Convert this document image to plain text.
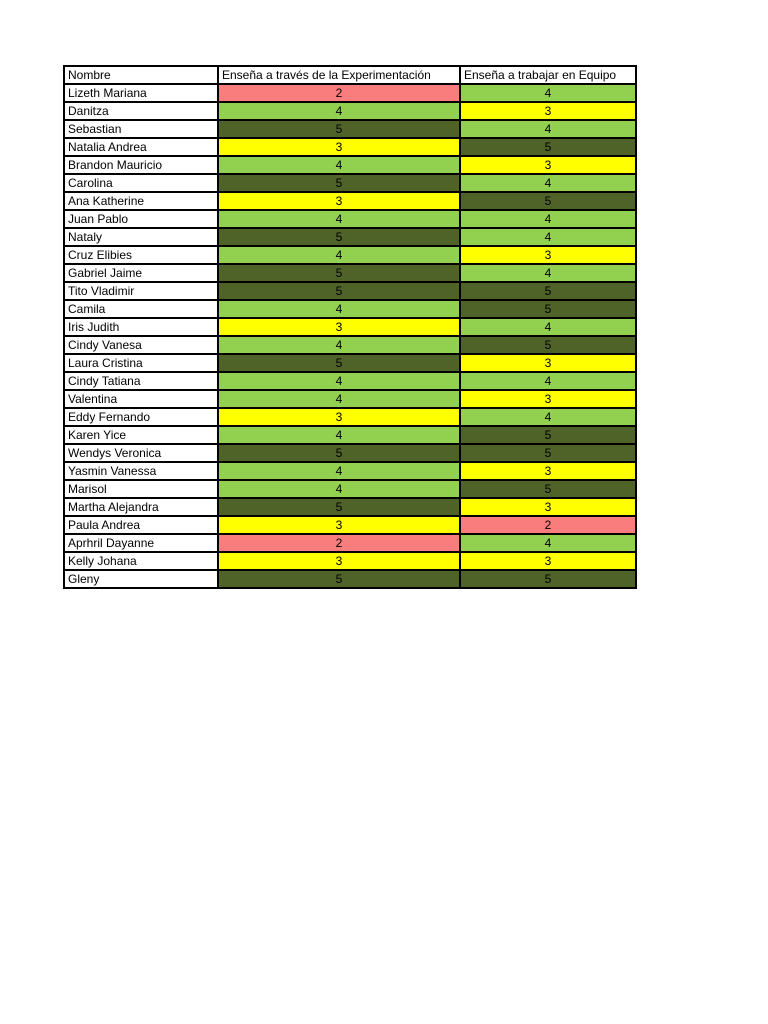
Nombre	Enseña a través de la Experimentación	Enseña a trabajar en Equipo
Lizeth Mariana	2	4
Danitza	4	3
Sebastian	5	4
Natalia Andrea	3	5
Brandon Mauricio	4	3
Carolina	5	4
Ana Katherine	3	5
Juan Pablo	4	4
Nataly	5	4
Cruz Elibies	4	3
Gabriel Jaime	5	4
Tito Vladimir	5	5
Camila	4	5
Iris Judith	3	4
Cindy Vanesa	4	5
Laura Cristina	5	3
Cindy Tatiana	4	4
Valentina	4	3
Eddy Fernando	3	4
Karen Yice	4	5
Wendys Veronica	5	5
Yasmin Vanessa	4	3
Marisol	4	5
Martha Alejandra	5	3
Paula Andrea	3	2
Aprhril Dayanne	2	4
Kelly Johana	3	3
Gleny	5	5
